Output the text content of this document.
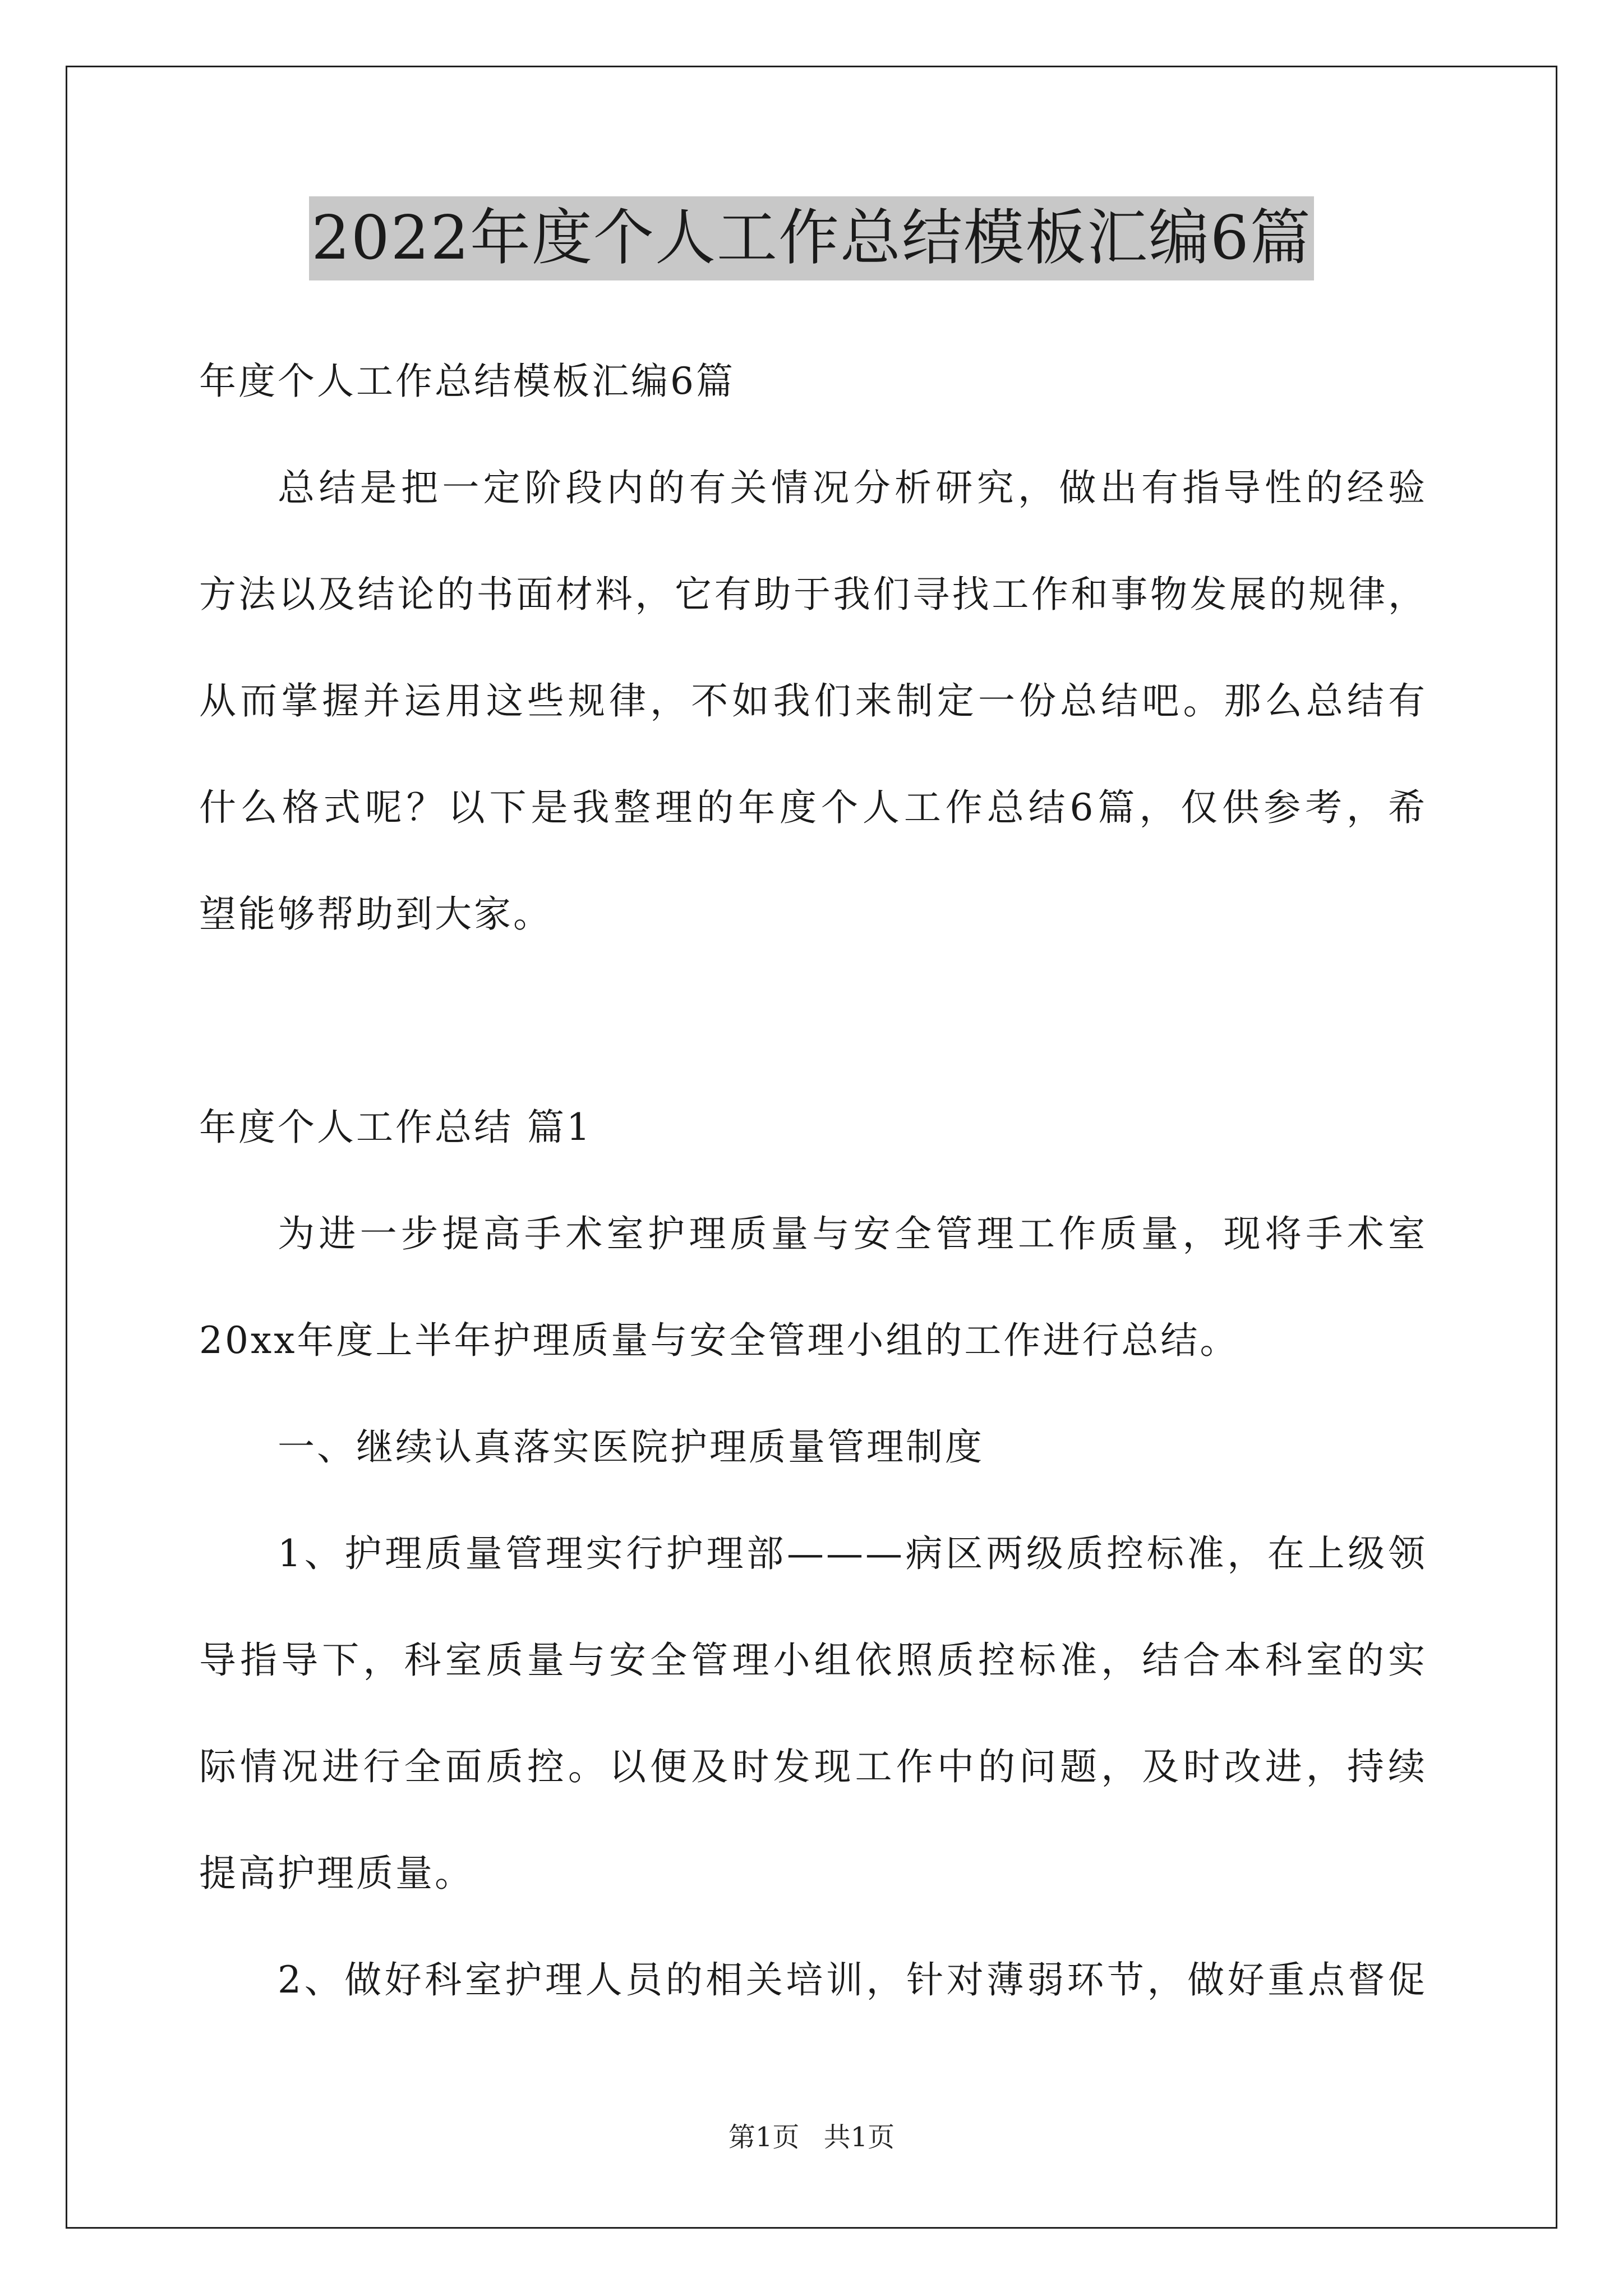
2022年度个人工作总结模板汇编6篇
年度个人工作总结模板汇编6篇
总结是把一定阶段内的有关情况分析研究，做出有指导性的经验
方法以及结论的书面材料，它有助于我们寻找工作和事物发展的规律，
从而掌握并运用这些规律，不如我们来制定一份总结吧。那么总结有
什么格式呢？以下是我整理的年度个人工作总结6篇，仅供参考，希
望能够帮助到大家。
年度个人工作总结 篇1
为进一步提高手术室护理质量与安全管理工作质量，现将手术室
20xx年度上半年护理质量与安全管理小组的工作进行总结。
一、继续认真落实医院护理质量管理制度
1、护理质量管理实行护理部———病区两级质控标准，在上级领
导指导下，科室质量与安全管理小组依照质控标准，结合本科室的实
际情况进行全面质控。以便及时发现工作中的问题，及时改进，持续
提高护理质量。
2、做好科室护理人员的相关培训，针对薄弱环节，做好重点督促
第1页 共1页
